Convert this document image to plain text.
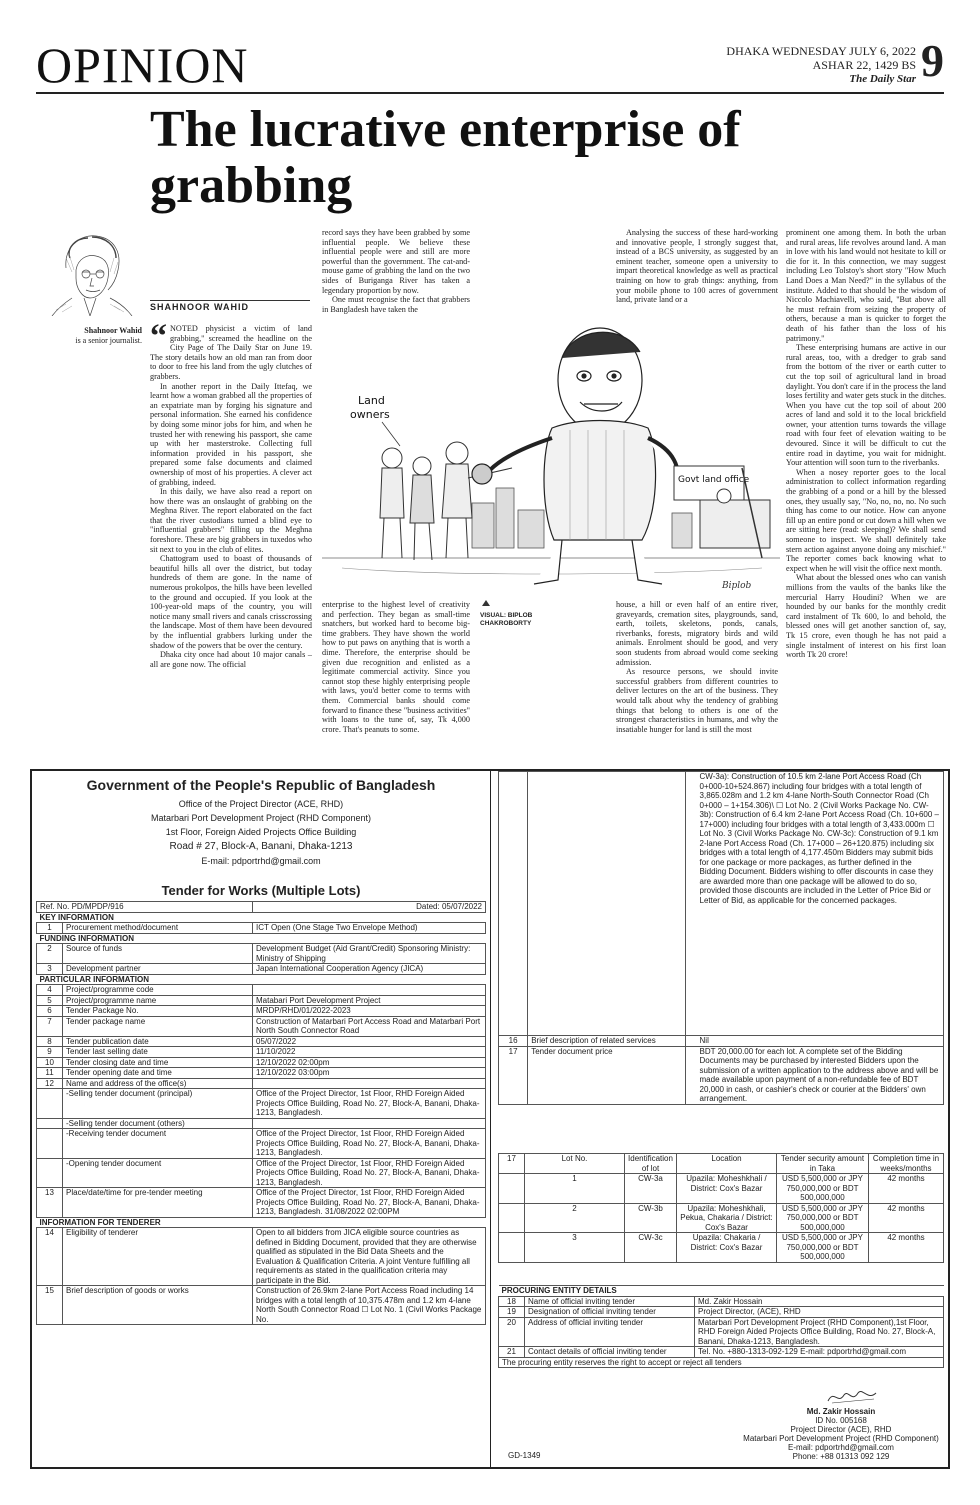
OPINION	DHAKA WEDNESDAY JULY 6, 2022
ASHAR 22, 1429 BS
The Daily Star 9
The lucrative enterprise of grabbing
SHAHNOOR WAHID
Shahnoor Wahid
is a senior journalist. “ NOTED physicist a victim of land grabbing," screamed the headline on the City Page of The Daily Star on June 19. The story details how an old man ran from door to door to free his land from the ugly clutches of grabbers.

In another report in the Daily Ittefaq, we learnt how a woman grabbed all the properties of an expatriate man by forging his signature and personal information. She earned his confidence by doing some minor jobs for him, and when he trusted her with renewing his passport, she came up with her masterstroke. Collecting full information provided in his passport, she prepared some false documents and claimed ownership of most of his properties. A clever act of grabbing, indeed.

In this daily, we have also read a report on how there was an onslaught of grabbing on the Meghna River. The report elaborated on the fact that the river custodians turned a blind eye to "influential grabbers" filling up the Meghna foreshore. These are big grabbers in tuxedos who sit next to you in the club of elites.

Chattogram used to boast of thousands of beautiful hills all over the district, but today hundreds of them are gone. In the name of numerous prokolpos, the hills have been levelled to the ground and occupied. If you look at the 100-year-old maps of the country, you will notice many small rivers and canals crisscrossing the landscape. Most of them have been devoured by the influential grabbers lurking under the shadow of the powers that be over the century.

Dhaka city once had about 10 major canals – all are gone now. The official

record says they have been grabbed by some influential people. We believe these influential people were and still are more powerful than the government. The cat-and-mouse game of grabbing the land on the two sides of Buriganga River has taken a legendary proportion by now.

One must recognise the fact that grabbers in Bangladesh have taken the

Analysing the success of these hard-working and innovative people, I strongly suggest that, instead of a BCS university, as suggested by an eminent teacher, someone open a university to impart theoretical knowledge as well as practical training on how to grab things: anything, from your mobile phone to 100 acres of government land, private land or a

prominent one among them. In both the urban and rural areas, life revolves around land. A man in love with his land would not hesitate to kill or die for it. In this connection, we may suggest including Leo Tolstoy's short story "How Much Land Does a Man Need?" in the syllabus of the institute. Added to that should be the wisdom of Niccolo Machiavelli, who said, "But above all he must refrain from seizing the property of others, because a man is quicker to forget the death of his father than the loss of his patrimony."

These enterprising humans are active in our rural areas, too, with a dredger to grab sand from the bottom of the river or earth cutter to cut the top soil of agricultural land in broad daylight. You don't care if in the process the land loses fertility and water gets stuck in the ditches. When you have cut the top soil of about 200 acres of land and sold it to the local brickfield owner, your attention turns towards the village road with four feet of elevation waiting to be devoured. Since it will be difficult to cut the entire road in daytime, you wait for midnight. Your attention will soon turn to the riverbanks.

When a nosey reporter goes to the local administration to collect information regarding the grabbing of a pond or a hill by the blessed ones, they usually say, "No, no, no, no. No such thing has come to our notice. How can anyone fill up an entire pond or cut down a hill when we are sitting here (read: sleeping)? We shall send someone to inspect. We shall definitely take stern action against anyone doing any mischief." The reporter comes back knowing what to expect when he will visit the office next month.

What about the blessed ones who can vanish millions from the vaults of the banks like the mercurial Harry Houdini? When we are hounded by our banks for the monthly credit card instalment of Tk 600, lo and behold, the blessed ones will get another sanction of, say, Tk 15 crore, even though he has not paid a single instalment of interest on his first loan worth Tk 20 crore!

Land
owners
Govt land office
Biplob
VISUAL: BIPLOB
CHAKROBORTY

enterprise to the highest level of creativity and perfection. They began as small-time snatchers, but worked hard to become big-time grabbers. They have shown the world how to put paws on anything that is worth a dime. Therefore, the enterprise should be given due recognition and enlisted as a legitimate commercial activity. Since you cannot stop these highly enterprising people with laws, you'd better come to terms with them. Commercial banks should come forward to finance these "business activities" with loans to the tune of, say, Tk 4,000 crore. That's peanuts to some.

house, a hill or even half of an entire river, graveyards, cremation sites, playgrounds, sand, earth, toilets, skeletons, ponds, canals, riverbanks, forests, migratory birds and wild animals. Enrolment should be good, and very soon students from abroad would come seeking admission.

As resource persons, we should invite successful grabbers from different countries to deliver lectures on the art of the business. They would talk about why the tendency of grabbing things that belong to others is one of the strongest characteristics in humans, and why the insatiable hunger for land is still the most

Government of the People's Republic of Bangladesh
Office of the Project Director (ACE, RHD)
Matarbari Port Development Project (RHD Component)
1st Floor, Foreign Aided Projects Office Building
Road # 27, Block-A, Banani, Dhaka-1213
E-mail: pdportrhd@gmail.com
Tender for Works (Multiple Lots)
Ref. No. PD/MPDP/916		Dated: 05/07/2022
KEY INFORMATION		
1	Procurement method/document	ICT Open (One Stage Two Envelope Method)
FUNDING INFORMATION		
2	Source of funds	Development Budget (Aid Grant/Credit) Sponsoring Ministry: Ministry of Shipping
3	Development partner	Japan International Cooperation Agency (JICA)
PARTICULAR INFORMATION		
4	Project/programme code	
5	Project/programme name	Matabari Port Development Project
6	Tender Package No.	MRDP/RHD/01/2022-2023
7	Tender package name	Construction of Matarbari Port Access Road and Matarbari Port North South Connector Road
8	Tender publication date	05/07/2022
9	Tender last selling date	11/10/2022
10	Tender closing date and time	12/10/2022 02:00pm
11	Tender opening date and time	12/10/2022 03:00pm
12	Name and address of the office(s)	
	-Selling tender document (principal)	Office of the Project Director, 1st Floor, RHD Foreign Aided Projects Office Building, Road No. 27, Block-A, Banani, Dhaka-1213, Bangladesh.
	-Selling tender document (others)	
	-Receiving tender document	Office of the Project Director, 1st Floor, RHD Foreign Aided Projects Office Building, Road No. 27, Block-A, Banani, Dhaka-1213, Bangladesh.
	-Opening tender document	Office of the Project Director, 1st Floor, RHD Foreign Aided Projects Office Building, Road No. 27, Block-A, Banani, Dhaka-1213, Bangladesh.
13	Place/date/time for pre-tender meeting	Office of the Project Director, 1st Floor, RHD Foreign Aided Projects Office Building, Road No. 27, Block-A, Banani, Dhaka-1213, Bangladesh. 31/08/2022 02:00PM
INFORMATION FOR TENDERER		
14	Eligibility of tenderer	Open to all bidders from JICA eligible source countries as defined in Bidding Document, provided that they are otherwise qualified as stipulated in the Bid Data Sheets and the Evaluation & Qualification Criteria. A joint Venture fulfilling all requirements as stated in the qualification criteria may participate in the Bid.
15	Brief description of goods or works	Construction of 26.9km 2-lane Port Access Road including 14 bridges with a total length of 10,375.478m and 1.2 km 4-lane North South Connector Road ☐ Lot No. 1 (Civil Works Package No.
		CW-3a): Construction of 10.5 km 2-lane Port Access Road (Ch 0+000-10+524.867) including four bridges with a total length of 3,865.028m and 1.2 km 4-lane North-South Connector Road (Ch 0+000 – 1+154.306)\ ☐ Lot No. 2 (Civil Works Package No. CW-3b): Construction of 6.4 km 2-lane Port Access Road (Ch. 10+600 – 17+000) including four bridges with a total length of 3,433.000m ☐ Lot No. 3 (Civil Works Package No. CW-3c): Construction of 9.1 km 2-lane Port Access Road (Ch. 17+000 – 26+120.875) including six bridges with a total length of 4,177.450m Bidders may submit bids for one package or more packages, as further defined in the Bidding Document. Bidders wishing to offer discounts in case they are awarded more than one package will be allowed to do so, provided those discounts are included in the Letter of Price Bid or Letter of Bid, as applicable for the concerned packages.
16	Brief description of related services	Nil
17	Tender document price	BDT 20,000.00 for each lot. A complete set of the Bidding Documents may be purchased by interested Bidders upon the submission of a written application to the address above and will be made available upon payment of a non-refundable fee of BDT 20,000 in cash, or cashier's check or courier at the Bidders' own arrangement.
17	Lot No.	Identification of lot	Location	Tender security amount in Taka	Completion time in weeks/months
	1	CW-3a	Upazila: Moheshkhali / District: Cox's Bazar	USD 5,500,000 or JPY 750,000,000 or BDT 500,000,000	42 months
	2	CW-3b	Upazila: Moheshkhali, Pekua, Chakaria / District: Cox's Bazar	USD 5,500,000 or JPY 750,000,000 or BDT 500,000,000	42 months
	3	CW-3c	Upazila: Chakaria / District: Cox's Bazar	USD 5,500,000 or JPY 750,000,000 or BDT 500,000,000	42 months
PROCURING ENTITY DETAILS		
18	Name of official inviting tender	Md. Zakir Hossain
19	Designation of official inviting tender	Project Director, (ACE), RHD
20	Address of official inviting tender	Matarbari Port Development Project (RHD Component),1st Floor, RHD Foreign Aided Projects Office Building, Road No. 27, Block-A, Banani, Dhaka-1213, Bangladesh.
21	Contact details of official inviting tender	Tel. No. +880-1313-092-129 E-mail: pdportrhd@gmail.com
The procuring entity reserves the right to accept or reject all tenders		
Md. Zakir Hossain
ID No. 005168
Project Director (ACE), RHD
Matarbari Port Development Project (RHD Component)
E-mail: pdportrhd@gmail.com
Phone: +88 01313 092 129
GD-1349
